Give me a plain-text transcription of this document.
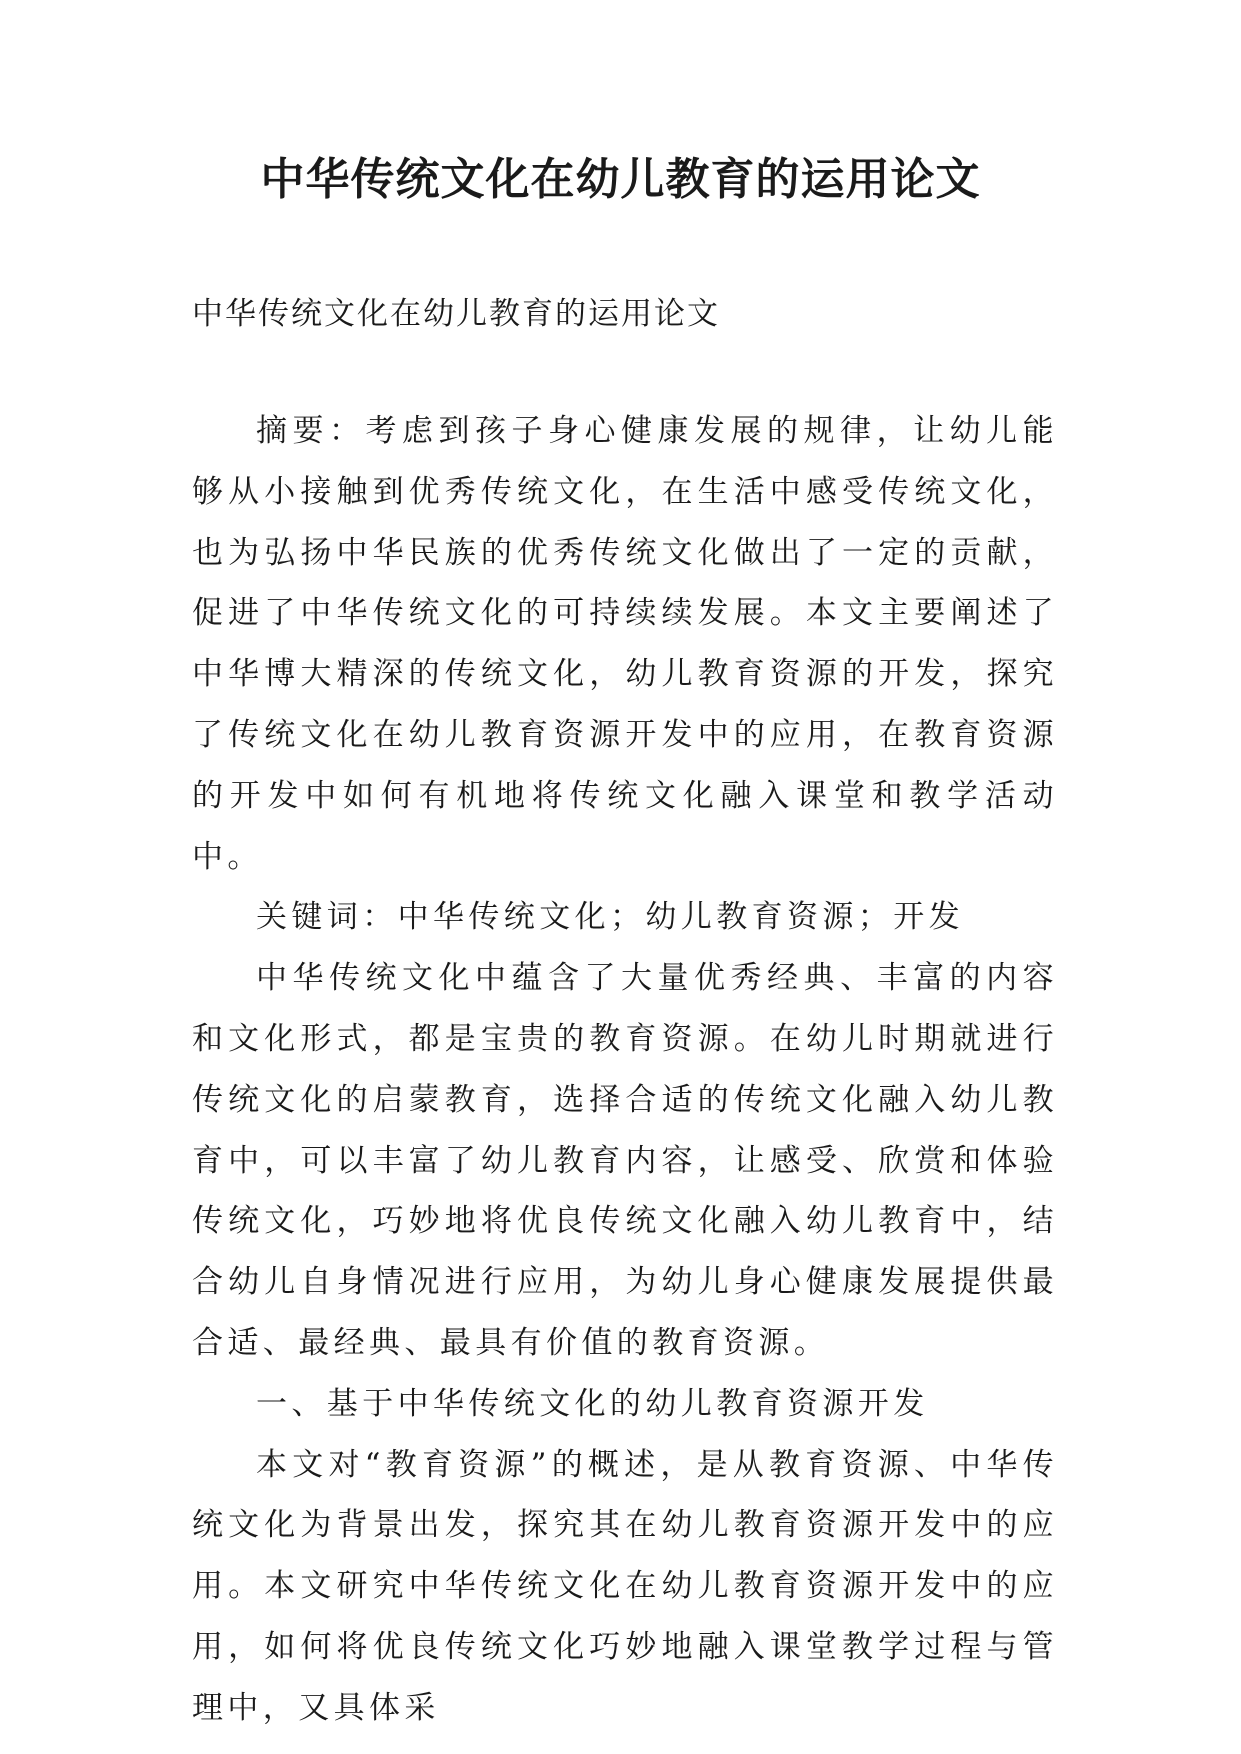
中华传统文化在幼儿教育的运用论文

中华传统文化在幼儿教育的运用论文

摘要：考虑到孩子身心健康发展的规律，让幼儿能够从小接触到优秀传统文化，在生活中感受传统文化，也为弘扬中华民族的优秀传统文化做出了一定的贡献，促进了中华传统文化的可持续续发展。本文主要阐述了中华博大精深的传统文化，幼儿教育资源的开发，探究了传统文化在幼儿教育资源开发中的应用，在教育资源的开发中如何有机地将传统文化融入课堂和教学活动中。

关键词：中华传统文化；幼儿教育资源；开发

中华传统文化中蕴含了大量优秀经典、丰富的内容和文化形式，都是宝贵的教育资源。在幼儿时期就进行传统文化的启蒙教育，选择合适的传统文化融入幼儿教育中，可以丰富了幼儿教育内容，让感受、欣赏和体验传统文化，巧妙地将优良传统文化融入幼儿教育中，结合幼儿自身情况进行应用，为幼儿身心健康发展提供最合适、最经典、最具有价值的教育资源。

一、基于中华传统文化的幼儿教育资源开发

本文对“教育资源”的概述，是从教育资源、中华传统文化为背景出发，探究其在幼儿教育资源开发中的应用。本文研究中华传统文化在幼儿教育资源开发中的应用，如何将优良传统文化巧妙地融入课堂教学过程与管理中，又具体采
